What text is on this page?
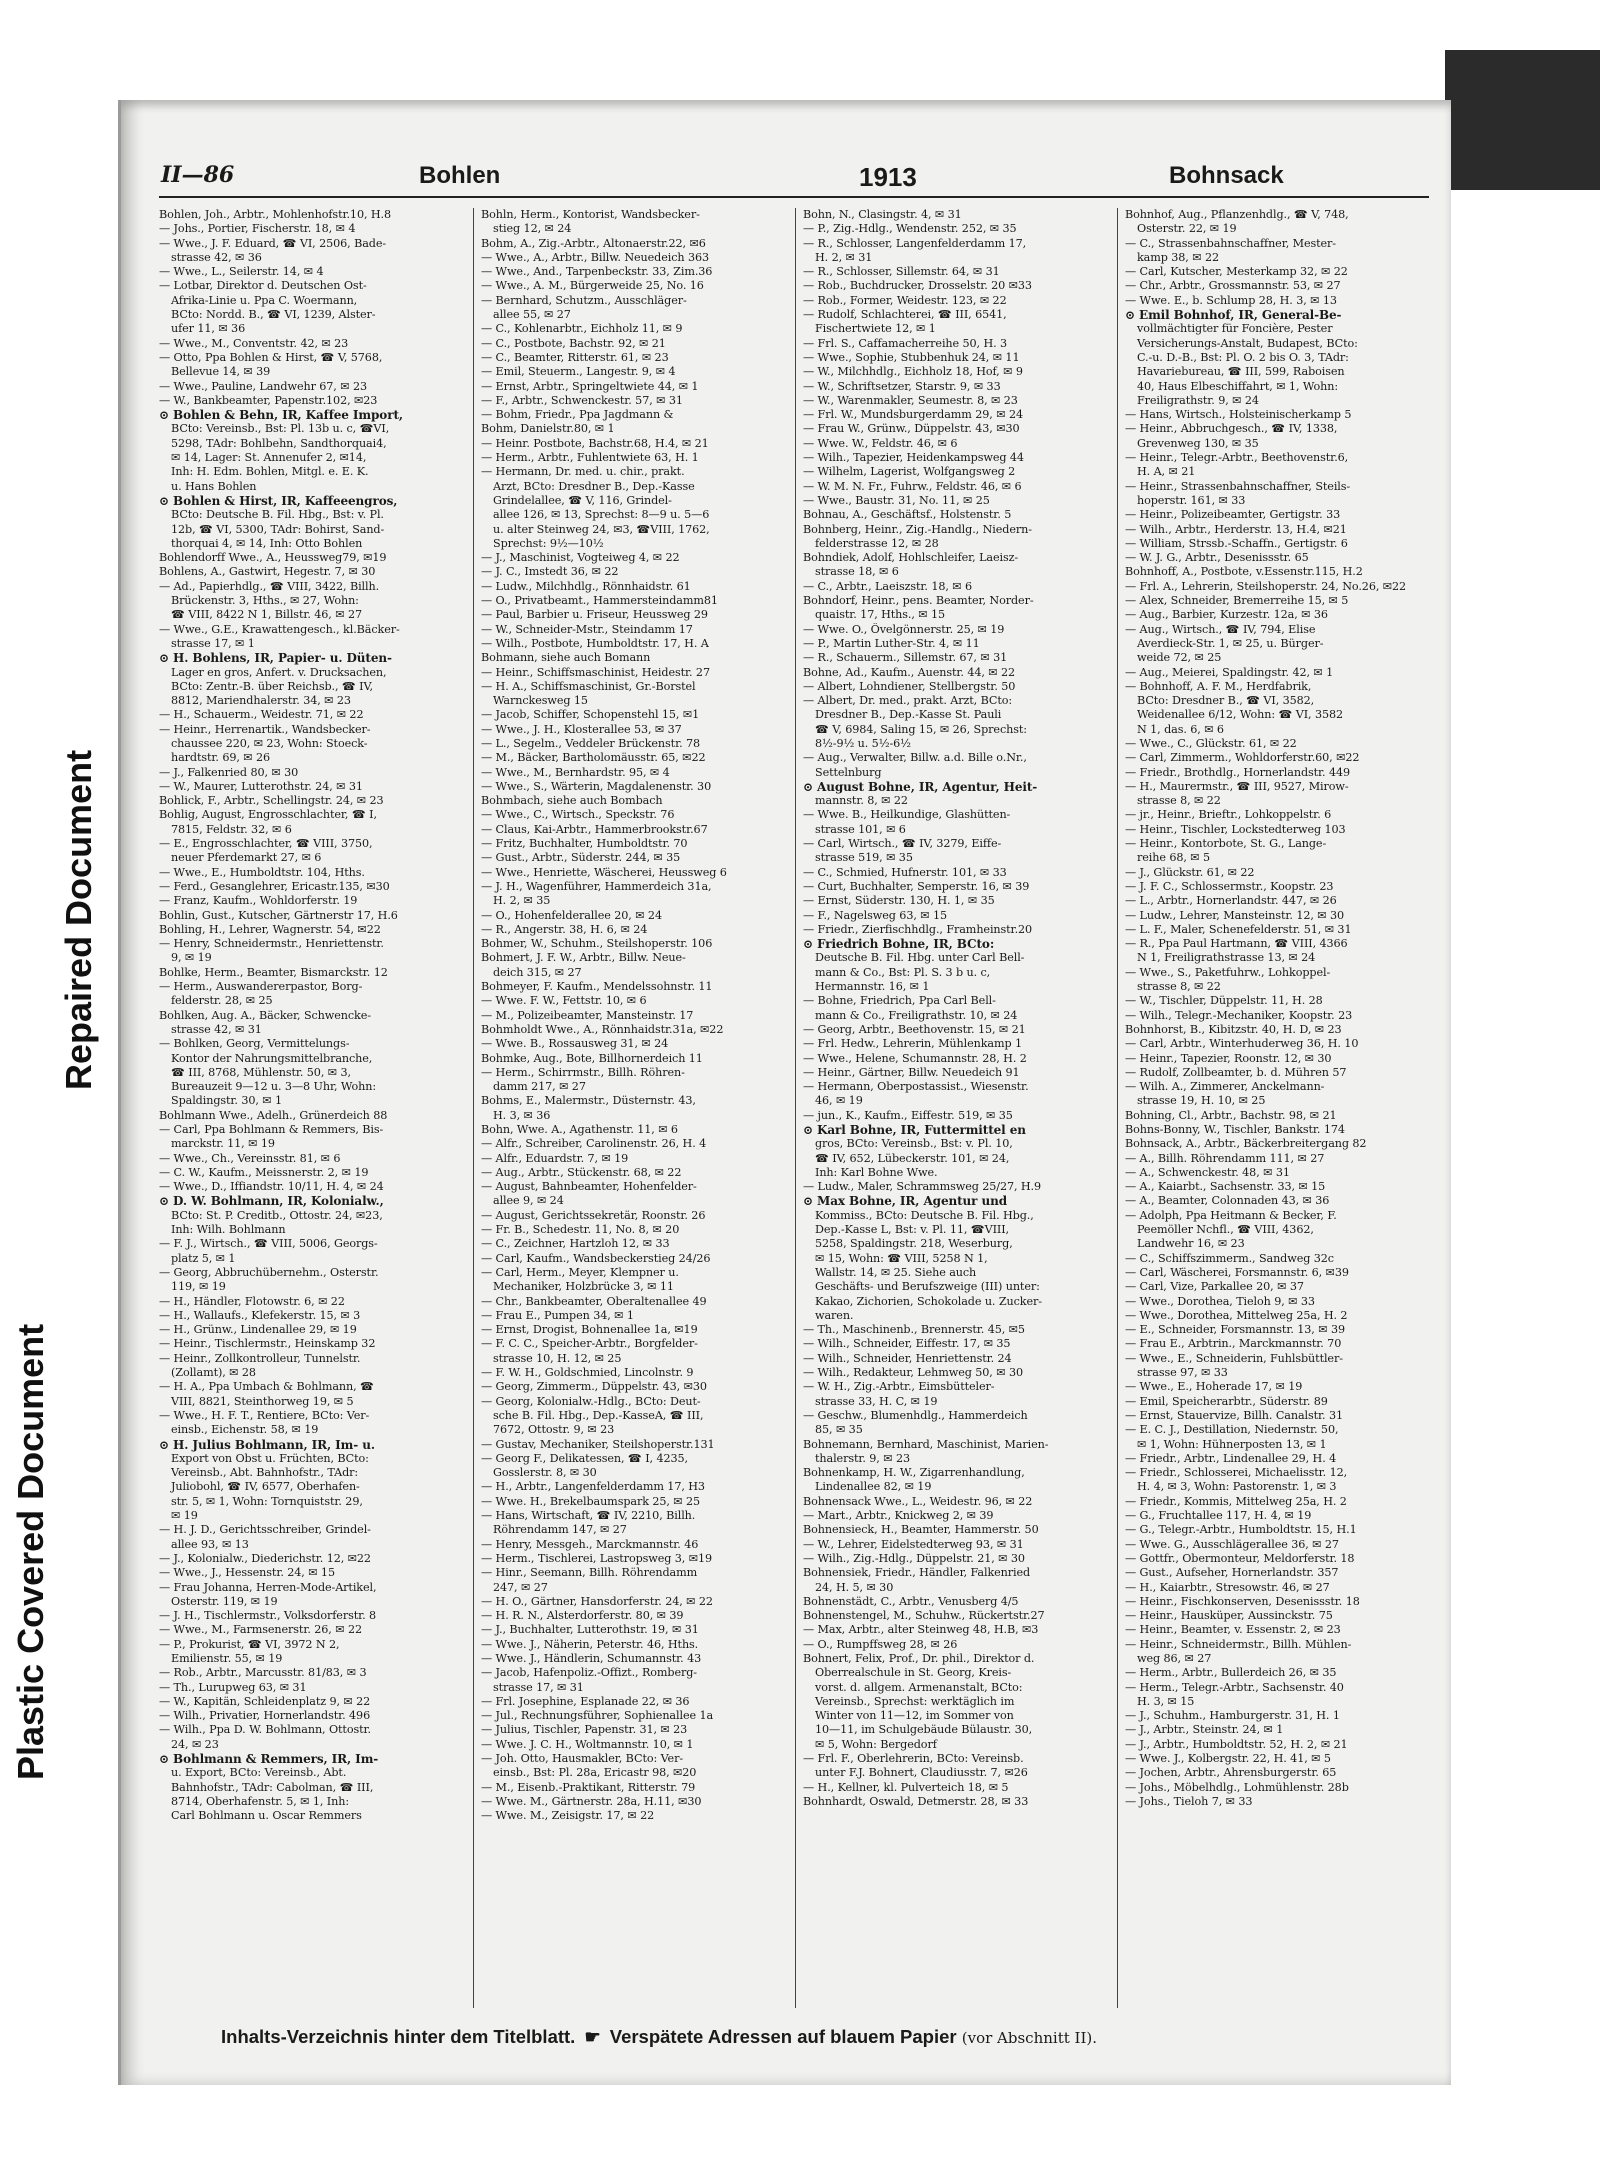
Plastic Covered Document
Repaired Document
II—86	Bohlen	1913	Bohnsack
Bohlen, Joh., Arbtr., Mohlenhofstr.10, H.8
— Johs., Portier, Fischerstr. 18, ✉ 4
— Wwe., J. F. Eduard, ☎ VI, 2506, Bade-
strasse 42, ✉ 36
— Wwe., L., Seilerstr. 14, ✉ 4
— Lotbar, Direktor d. Deutschen Ost-
Afrika-Linie u. Ppa C. Woermann,
BCto: Nordd. B., ☎ VI, 1239, Alster-
ufer 11, ✉ 36
— Wwe., M., Conventstr. 42, ✉ 23
— Otto, Ppa Bohlen & Hirst, ☎ V, 5768,
Bellevue 14, ✉ 39
— Wwe., Pauline, Landwehr 67, ✉ 23
— W., Bankbeamter, Papenstr.102, ✉23
⊙ Bohlen & Behn, IR, Kaffee Import,
BCto: Vereinsb., Bst: Pl. 13b u. c, ☎VI,
5298, TAdr: Bohlbehn, Sandthorquai4,
✉ 14, Lager: St. Annenufer 2, ✉14,
Inh: H. Edm. Bohlen, Mitgl. e. E. K.
u. Hans Bohlen
⊙ Bohlen & Hirst, IR, Kaffeeengros,
BCto: Deutsche B. Fil. Hbg., Bst: v. Pl.
12b, ☎ VI, 5300, TAdr: Bohirst, Sand-
thorquai 4, ✉ 14, Inh: Otto Bohlen
Bohlendorff Wwe., A., Heussweg79, ✉19
Bohlens, A., Gastwirt, Hegestr. 7, ✉ 30
— Ad., Papierhdlg., ☎ VIII, 3422, Billh.
Brückenstr. 3, Hths., ✉ 27, Wohn:
☎ VIII, 8422 N 1, Billstr. 46, ✉ 27
— Wwe., G.E., Krawattengesch., kl.Bäcker-
strasse 17, ✉ 1
⊙ H. Bohlens, IR, Papier- u. Düten-
Lager en gros, Anfert. v. Drucksachen,
BCto: Zentr.-B. über Reichsb., ☎ IV,
8812, Mariendhalerstr. 34, ✉ 23
— H., Schauerm., Weidestr. 71, ✉ 22
— Heinr., Herrenartik., Wandsbecker-
chaussee 220, ✉ 23, Wohn: Stoeck-
hardtstr. 69, ✉ 26
— J., Falkenried 80, ✉ 30
— W., Maurer, Lutterothstr. 24, ✉ 31
Bohlick, F., Arbtr., Schellingstr. 24, ✉ 23
Bohlig, August, Engrosschlachter, ☎ I,
7815, Feldstr. 32, ✉ 6
— E., Engrosschlachter, ☎ VIII, 3750,
neuer Pferdemarkt 27, ✉ 6
— Wwe., E., Humboldtstr. 104, Hths.
— Ferd., Gesanglehrer, Ericastr.135, ✉30
— Franz, Kaufm., Wohldorferstr. 19
Bohlin, Gust., Kutscher, Gärtnerstr 17, H.6
Bohling, H., Lehrer, Wagnerstr. 54, ✉22
— Henry, Schneidermstr., Henriettenstr.
9, ✉ 19
Bohlke, Herm., Beamter, Bismarckstr. 12
— Herm., Auswandererpastor, Borg-
felderstr. 28, ✉ 25
Bohlken, Aug. A., Bäcker, Schwencke-
strasse 42, ✉ 31
— Bohlken, Georg, Vermittelungs-
Kontor der Nahrungsmittelbranche,
☎ III, 8768, Mühlenstr. 50, ✉ 3,
Bureauzeit 9—12 u. 3—8 Uhr, Wohn:
Spaldingstr. 30, ✉ 1
Bohlmann Wwe., Adelh., Grünerdeich 88
— Carl, Ppa Bohlmann & Remmers, Bis-
marckstr. 11, ✉ 19
— Wwe., Ch., Vereinsstr. 81, ✉ 6
— C. W., Kaufm., Meissnerstr. 2, ✉ 19
— Wwe., D., Iffiandstr. 10/11, H. 4, ✉ 24
⊙ D. W. Bohlmann, IR, Kolonialw.,
BCto: St. P. Creditb., Ottostr. 24, ✉23,
Inh: Wilh. Bohlmann
— F. J., Wirtsch., ☎ VIII, 5006, Georgs-
platz 5, ✉ 1
— Georg, Abbruchübernehm., Osterstr.
119, ✉ 19
— H., Händler, Flotowstr. 6, ✉ 22
— H., Wallaufs., Klefekerstr. 15, ✉ 3
— H., Grünw., Lindenallee 29, ✉ 19
— Heinr., Tischlermstr., Heinskamp 32
— Heinr., Zollkontrolleur, Tunnelstr.
(Zollamt), ✉ 28
— H. A., Ppa Umbach & Bohlmann, ☎
VIII, 8821, Steinthorweg 19, ✉ 5
— Wwe., H. F. T., Rentiere, BCto: Ver-
einsb., Eichenstr. 58, ✉ 19
⊙ H. Julius Bohlmann, IR, Im- u.
Export von Obst u. Früchten, BCto:
Vereinsb., Abt. Bahnhofstr., TAdr:
Juliobohl, ☎ IV, 6577, Oberhafen-
str. 5, ✉ 1, Wohn: Tornquiststr. 29,
✉ 19
— H. J. D., Gerichtsschreiber, Grindel-
allee 93, ✉ 13
— J., Kolonialw., Diederichstr. 12, ✉22
— Wwe., J., Hessenstr. 24, ✉ 15
— Frau Johanna, Herren-Mode-Artikel,
Osterstr. 119, ✉ 19
— J. H., Tischlermstr., Volksdorferstr. 8
— Wwe., M., Farmsenerstr. 26, ✉ 22
— P., Prokurist, ☎ VI, 3972 N 2,
Emilienstr. 55, ✉ 19
— Rob., Arbtr., Marcusstr. 81/83, ✉ 3
— Th., Lurupweg 63, ✉ 31
— W., Kapitän, Schleidenplatz 9, ✉ 22
— Wilh., Privatier, Hornerlandstr. 496
— Wilh., Ppa D. W. Bohlmann, Ottostr.
24, ✉ 23
⊙ Bohlmann & Remmers, IR, Im-
u. Export, BCto: Vereinsb., Abt.
Bahnhofstr., TAdr: Cabolman, ☎ III,
8714, Oberhafenstr. 5, ✉ 1, Inh:
Carl Bohlmann u. Oscar Remmers
Bohln, Herm., Kontorist, Wandsbecker-
stieg 12, ✉ 24
Bohm, A., Zig.-Arbtr., Altonaerstr.22, ✉6
— Wwe., A., Arbtr., Billw. Neuedeich 363
— Wwe., And., Tarpenbeckstr. 33, Zim.36
— Wwe., A. M., Bürgerweide 25, No. 16
— Bernhard, Schutzm., Ausschläger-
allee 55, ✉ 27
— C., Kohlenarbtr., Eichholz 11, ✉ 9
— C., Postbote, Bachstr. 92, ✉ 21
— C., Beamter, Ritterstr. 61, ✉ 23
— Emil, Steuerm., Langestr. 9, ✉ 4
— Ernst, Arbtr., Springeltwiete 44, ✉ 1
— F., Arbtr., Schwenckestr. 57, ✉ 31
— Bohm, Friedr., Ppa Jagdmann &
Bohm, Danielstr.80, ✉ 1
— Heinr. Postbote, Bachstr.68, H.4, ✉ 21
— Herm., Arbtr., Fuhlentwiete 63, H. 1
— Hermann, Dr. med. u. chir., prakt.
Arzt, BCto: Dresdner B., Dep.-Kasse
Grindelallee, ☎ V, 116, Grindel-
allee 126, ✉ 13, Sprechst: 8—9 u. 5—6
u. alter Steinweg 24, ✉3, ☎VIII, 1762,
Sprechst: 9½—10½
— J., Maschinist, Vogteiweg 4, ✉ 22
— J. C., Imstedt 36, ✉ 22
— Ludw., Milchhdlg., Rönnhaidstr. 61
— O., Privatbeamt., Hammersteindamm81
— Paul, Barbier u. Friseur, Heussweg 29
— W., Schneider-Mstr., Steindamm 17
— Wilh., Postbote, Humboldtstr. 17, H. A
Bohmann, siehe auch Bomann
— Heinr., Schiffsmaschinist, Heidestr. 27
— H. A., Schiffsmaschinist, Gr.-Borstel
Warnckesweg 15
— Jacob, Schiffer, Schopenstehl 15, ✉1
— Wwe., J. H., Klosterallee 53, ✉ 37
— L., Segelm., Veddeler Brückenstr. 78
— M., Bäcker, Bartholomäusstr. 65, ✉22
— Wwe., M., Bernhardstr. 95, ✉ 4
— Wwe., S., Wärterin, Magdalenenstr. 30
Bohmbach, siehe auch Bombach
— Wwe., C., Wirtsch., Speckstr. 76
— Claus, Kai-Arbtr., Hammerbrookstr.67
— Fritz, Buchhalter, Humboldtstr. 70
— Gust., Arbtr., Süderstr. 244, ✉ 35
— Wwe., Henriette, Wäscherei, Heussweg 6
— J. H., Wagenführer, Hammerdeich 31a,
H. 2, ✉ 35
— O., Hohenfelderallee 20, ✉ 24
— R., Angerstr. 38, H. 6, ✉ 24
Bohmer, W., Schuhm., Steilshoperstr. 106
Bohmert, J. F. W., Arbtr., Billw. Neue-
deich 315, ✉ 27
Bohmeyer, F. Kaufm., Mendelssohnstr. 11
— Wwe. F. W., Fettstr. 10, ✉ 6
— M., Polizeibeamter, Mansteinstr. 17
Bohmholdt Wwe., A., Rönnhaidstr.31a, ✉22
— Wwe. B., Rossausweg 31, ✉ 24
Bohmke, Aug., Bote, Billhornerdeich 11
— Herm., Schirrmstr., Billh. Röhren-
damm 217, ✉ 27
Bohms, E., Malermstr., Düsternstr. 43,
H. 3, ✉ 36
Bohn, Wwe. A., Agathenstr. 11, ✉ 6
— Alfr., Schreiber, Carolinenstr. 26, H. 4
— Alfr., Eduardstr. 7, ✉ 19
— Aug., Arbtr., Stückenstr. 68, ✉ 22
— August, Bahnbeamter, Hohenfelder-
allee 9, ✉ 24
— August, Gerichtssekretär, Roonstr. 26
— Fr. B., Schedestr. 11, No. 8, ✉ 20
— C., Zeichner, Hartzloh 12, ✉ 33
— Carl, Kaufm., Wandsbeckerstieg 24/26
— Carl, Herm., Meyer, Klempner u.
Mechaniker, Holzbrücke 3, ✉ 11
— Chr., Bankbeamter, Oberaltenallee 49
— Frau E., Pumpen 34, ✉ 1
— Ernst, Drogist, Bohnenallee 1a, ✉19
— F. C. C., Speicher-Arbtr., Borgfelder-
strasse 10, H. 12, ✉ 25
— F. W. H., Goldschmied, Lincolnstr. 9
— Georg, Zimmerm., Düppelstr. 43, ✉30
— Georg, Kolonialw.-Hdlg., BCto: Deut-
sche B. Fil. Hbg., Dep.-KasseA, ☎ III,
7672, Ottostr. 9, ✉ 23
— Gustav, Mechaniker, Steilshoperstr.131
— Georg F., Delikatessen, ☎ I, 4235,
Gosslerstr. 8, ✉ 30
— H., Arbtr., Langenfelderdamm 17, H3
— Wwe. H., Brekelbaumspark 25, ✉ 25
— Hans, Wirtschaft, ☎ IV, 2210, Billh.
Röhrendamm 147, ✉ 27
— Henry, Messgeh., Marckmannstr. 46
— Herm., Tischlerei, Lastropsweg 3, ✉19
— Hinr., Seemann, Billh. Röhrendamm
247, ✉ 27
— H. O., Gärtner, Hansdorferstr. 24, ✉ 22
— H. R. N., Alsterdorferstr. 80, ✉ 39
— J., Buchhalter, Lutterothstr. 19, ✉ 31
— Wwe. J., Näherin, Peterstr. 46, Hths.
— Wwe. J., Händlerin, Schumannstr. 43
— Jacob, Hafenpoliz.-Offizt., Romberg-
strasse 17, ✉ 31
— Frl. Josephine, Esplanade 22, ✉ 36
— Jul., Rechnungsführer, Sophienallee 1a
— Julius, Tischler, Papenstr. 31, ✉ 23
— Wwe. J. C. H., Woltmannstr. 10, ✉ 1
— Joh. Otto, Hausmakler, BCto: Ver-
einsb., Bst: Pl. 28a, Ericastr 98, ✉20
— M., Eisenb.-Praktikant, Ritterstr. 79
— Wwe. M., Gärtnerstr. 28a, H.11, ✉30
— Wwe. M., Zeisigstr. 17, ✉ 22
Bohn, N., Clasingstr. 4, ✉ 31
— P., Zig.-Hdlg., Wendenstr. 252, ✉ 35
— R., Schlosser, Langenfelderdamm 17,
H. 2, ✉ 31
— R., Schlosser, Sillemstr. 64, ✉ 31
— Rob., Buchdrucker, Drosselstr. 20 ✉33
— Rob., Former, Weidestr. 123, ✉ 22
— Rudolf, Schlachterei, ☎ III, 6541,
Fischertwiete 12, ✉ 1
— Frl. S., Caffamacherreihe 50, H. 3
— Wwe., Sophie, Stubbenhuk 24, ✉ 11
— W., Milchhdlg., Eichholz 18, Hof, ✉ 9
— W., Schriftsetzer, Starstr. 9, ✉ 33
— W., Warenmakler, Seumestr. 8, ✉ 23
— Frl. W., Mundsburgerdamm 29, ✉ 24
— Frau W., Grünw., Düppelstr. 43, ✉30
— Wwe. W., Feldstr. 46, ✉ 6
— Wilh., Tapezier, Heidenkampsweg 44
— Wilhelm, Lagerist, Wolfgangsweg 2
— W. M. N. Fr., Fuhrw., Feldstr. 46, ✉ 6
— Wwe., Baustr. 31, No. 11, ✉ 25
Bohnau, A., Geschäftsf., Holstenstr. 5
Bohnberg, Heinr., Zig.-Handlg., Niedern-
felderstrasse 12, ✉ 28
Bohndiek, Adolf, Hohlschleifer, Laeisz-
strasse 18, ✉ 6
— C., Arbtr., Laeiszstr. 18, ✉ 6
Bohndorf, Heinr., pens. Beamter, Norder-
quaistr. 17, Hths., ✉ 15
— Wwe. O., Övelgönnerstr. 25, ✉ 19
— P., Martin Luther-Str. 4, ✉ 11
— R., Schauerm., Sillemstr. 67, ✉ 31
Bohne, Ad., Kaufm., Auenstr. 44, ✉ 22
— Albert, Lohndiener, Stellbergstr. 50
— Albert, Dr. med., prakt. Arzt, BCto:
Dresdner B., Dep.-Kasse St. Pauli
☎ V, 6984, Saling 15, ✉ 26, Sprechst:
8½-9½ u. 5½-6½
— Aug., Verwalter, Billw. a.d. Bille o.Nr.,
Settelnburg
⊙ August Bohne, IR, Agentur, Heit-
mannstr. 8, ✉ 22
— Wwe. B., Heilkundige, Glashütten-
strasse 101, ✉ 6
— Carl, Wirtsch., ☎ IV, 3279, Eiffe-
strasse 519, ✉ 35
— C., Schmied, Hufnerstr. 101, ✉ 33
— Curt, Buchhalter, Semperstr. 16, ✉ 39
— Ernst, Süderstr. 130, H. 1, ✉ 35
— F., Nagelsweg 63, ✉ 15
— Friedr., Zierfischhdlg., Framheinstr.20
⊙ Friedrich Bohne, IR, BCto:
Deutsche B. Fil. Hbg. unter Carl Bell-
mann & Co., Bst: Pl. S. 3 b u. c,
Hermannstr. 16, ✉ 1
— Bohne, Friedrich, Ppa Carl Bell-
mann & Co., Freiligrathstr. 10, ✉ 24
— Georg, Arbtr., Beethovenstr. 15, ✉ 21
— Frl. Hedw., Lehrerin, Mühlenkamp 1
— Wwe., Helene, Schumannstr. 28, H. 2
— Heinr., Gärtner, Billw. Neuedeich 91
— Hermann, Oberpostassist., Wiesenstr.
46, ✉ 19
— jun., K., Kaufm., Eiffestr. 519, ✉ 35
⊙ Karl Bohne, IR, Futtermittel en
gros, BCto: Vereinsb., Bst: v. Pl. 10,
☎ IV, 652, Lübeckerstr. 101, ✉ 24,
Inh: Karl Bohne Wwe.
— Ludw., Maler, Schrammsweg 25/27, H.9
⊙ Max Bohne, IR, Agentur und
Kommiss., BCto: Deutsche B. Fil. Hbg.,
Dep.-Kasse L, Bst: v. Pl. 11, ☎VIII,
5258, Spaldingstr. 218, Weserburg,
✉ 15, Wohn: ☎ VIII, 5258 N 1,
Wallstr. 14, ✉ 25. Siehe auch
Geschäfts- und Berufszweige (III) unter:
Kakao, Zichorien, Schokolade u. Zucker-
waren.
— Th., Maschinenb., Brennerstr. 45, ✉5
— Wilh., Schneider, Eiffestr. 17, ✉ 35
— Wilh., Schneider, Henriettenstr. 24
— Wilh., Redakteur, Lehmweg 50, ✉ 30
— W. H., Zig.-Arbtr., Eimsbütteler-
strasse 33, H. C, ✉ 19
— Geschw., Blumenhdlg., Hammerdeich
85, ✉ 35
Bohnemann, Bernhard, Maschinist, Marien-
thalerstr. 9, ✉ 23
Bohnenkamp, H. W., Zigarrenhandlung,
Lindenallee 82, ✉ 19
Bohnensack Wwe., L., Weidestr. 96, ✉ 22
— Mart., Arbtr., Knickweg 2, ✉ 39
Bohnensieck, H., Beamter, Hammerstr. 50
— W., Lehrer, Eidelstedterweg 93, ✉ 31
— Wilh., Zig.-Hdlg., Düppelstr. 21, ✉ 30
Bohnensiek, Friedr., Händler, Falkenried
24, H. 5, ✉ 30
Bohnenstädt, C., Arbtr., Venusberg 4/5
Bohnenstengel, M., Schuhw., Rückertstr.27
— Max, Arbtr., alter Steinweg 48, H.B, ✉3
— O., Rumpffsweg 28, ✉ 26
Bohnert, Felix, Prof., Dr. phil., Direktor d.
Oberrealschule in St. Georg, Kreis-
vorst. d. allgem. Armenanstalt, BCto:
Vereinsb., Sprechst: werktäglich im
Winter von 11—12, im Sommer von
10—11, im Schulgebäude Bülaustr. 30,
✉ 5, Wohn: Bergedorf
— Frl. F., Oberlehrerin, BCto: Vereinsb.
unter F.J. Bohnert, Claudiusstr. 7, ✉26
— H., Kellner, kl. Pulverteich 18, ✉ 5
Bohnhardt, Oswald, Detmerstr. 28, ✉ 33
Bohnhof, Aug., Pflanzenhdlg., ☎ V, 748,
Osterstr. 22, ✉ 19
— C., Strassenbahnschaffner, Mester-
kamp 38, ✉ 22
— Carl, Kutscher, Mesterkamp 32, ✉ 22
— Chr., Arbtr., Grossmannstr. 53, ✉ 27
— Wwe. E., b. Schlump 28, H. 3, ✉ 13
⊙ Emil Bohnhof, IR, General-Be-
vollmächtigter für Foncière, Pester
Versicherungs-Anstalt, Budapest, BCto:
C.-u. D.-B., Bst: Pl. O. 2 bis O. 3, TAdr:
Havariebureau, ☎ III, 599, Raboisen
40, Haus Elbeschiffahrt, ✉ 1, Wohn:
Freiligrathstr. 9, ✉ 24
— Hans, Wirtsch., Holsteinischerkamp 5
— Heinr., Abbruchgesch., ☎ IV, 1338,
Grevenweg 130, ✉ 35
— Heinr., Telegr.-Arbtr., Beethovenstr.6,
H. A, ✉ 21
— Heinr., Strassenbahnschaffner, Steils-
hoperstr. 161, ✉ 33
— Heinr., Polizeibeamter, Gertigstr. 33
— Wilh., Arbtr., Herderstr. 13, H.4, ✉21
— William, Strssb.-Schaffn., Gertigstr. 6
— W. J. G., Arbtr., Desenissstr. 65
Bohnhoff, A., Postbote, v.Essenstr.115, H.2
— Frl. A., Lehrerin, Steilshoperstr. 24, No.26, ✉22
— Alex, Schneider, Bremerreihe 15, ✉ 5
— Aug., Barbier, Kurzestr. 12a, ✉ 36
— Aug., Wirtsch., ☎ IV, 794, Elise
Averdieck-Str. 1, ✉ 25, u. Bürger-
weide 72, ✉ 25
— Aug., Meierei, Spaldingstr. 42, ✉ 1
— Bohnhoff, A. F. M., Herdfabrik,
BCto: Dresdner B., ☎ VI, 3582,
Weidenallee 6/12, Wohn: ☎ VI, 3582
N 1, das. 6, ✉ 6
— Wwe., C., Glückstr. 61, ✉ 22
— Carl, Zimmerm., Wohldorferstr.60, ✉22
— Friedr., Brothdlg., Hornerlandstr. 449
— H., Maurermstr., ☎ III, 9527, Mirow-
strasse 8, ✉ 22
— jr., Heinr., Brieftr., Lohkoppelstr. 6
— Heinr., Tischler, Lockstedterweg 103
— Heinr., Kontorbote, St. G., Lange-
reihe 68, ✉ 5
— J., Glückstr. 61, ✉ 22
— J. F. C., Schlossermstr., Koopstr. 23
— L., Arbtr., Hornerlandstr. 447, ✉ 26
— Ludw., Lehrer, Mansteinstr. 12, ✉ 30
— L. F., Maler, Schenefelderstr. 51, ✉ 31
— R., Ppa Paul Hartmann, ☎ VIII, 4366
N 1, Freiligrathstrasse 13, ✉ 24
— Wwe., S., Paketfuhrw., Lohkoppel-
strasse 8, ✉ 22
— W., Tischler, Düppelstr. 11, H. 28
— Wilh., Telegr.-Mechaniker, Koopstr. 23
Bohnhorst, B., Kibitzstr. 40, H. D, ✉ 23
— Carl, Arbtr., Winterhuderweg 36, H. 10
— Heinr., Tapezier, Roonstr. 12, ✉ 30
— Rudolf, Zollbeamter, b. d. Mühren 57
— Wilh. A., Zimmerer, Anckelmann-
strasse 19, H. 10, ✉ 25
Bohning, Cl., Arbtr., Bachstr. 98, ✉ 21
Bohns-Bonny, W., Tischler, Bankstr. 174
Bohnsack, A., Arbtr., Bäckerbreitergang 82
— A., Billh. Röhrendamm 111, ✉ 27
— A., Schwenckestr. 48, ✉ 31
— A., Kaiarbt., Sachsenstr. 33, ✉ 15
— A., Beamter, Colonnaden 43, ✉ 36
— Adolph, Ppa Heitmann & Becker, F.
Peemöller Nchfl., ☎ VIII, 4362,
Landwehr 16, ✉ 23
— C., Schiffszimmerm., Sandweg 32c
— Carl, Wäscherei, Forsmannstr. 6, ✉39
— Carl, Vize, Parkallee 20, ✉ 37
— Wwe., Dorothea, Tieloh 9, ✉ 33
— Wwe., Dorothea, Mittelweg 25a, H. 2
— E., Schneider, Forsmannstr. 13, ✉ 39
— Frau E., Arbtrin., Marckmannstr. 70
— Wwe., E., Schneiderin, Fuhlsbüttler-
strasse 97, ✉ 33
— Wwe., E., Hoherade 17, ✉ 19
— Emil, Speicherarbtr., Süderstr. 89
— Ernst, Stauervize, Billh. Canalstr. 31
— E. C. J., Destillation, Niedernstr. 50,
✉ 1, Wohn: Hühnerposten 13, ✉ 1
— Friedr., Arbtr., Lindenallee 29, H. 4
— Friedr., Schlosserei, Michaelisstr. 12,
H. 4, ✉ 3, Wohn: Pastorenstr. 1, ✉ 3
— Friedr., Kommis, Mittelweg 25a, H. 2
— G., Fruchtallee 117, H. 4, ✉ 19
— G., Telegr.-Arbtr., Humboldtstr. 15, H.1
— Wwe. G., Ausschlägerallee 36, ✉ 27
— Gottfr., Obermonteur, Meldorferstr. 18
— Gust., Aufseher, Hornerlandstr. 357
— H., Kaiarbtr., Stresowstr. 46, ✉ 27
— Heinr., Fischkonserven, Desenissstr. 18
— Heinr., Hausküper, Aussinckstr. 75
— Heinr., Beamter, v. Essenstr. 2, ✉ 23
— Heinr., Schneidermstr., Billh. Mühlen-
weg 86, ✉ 27
— Herm., Arbtr., Bullerdeich 26, ✉ 35
— Herm., Telegr.-Arbtr., Sachsenstr. 40
H. 3, ✉ 15
— J., Schuhm., Hamburgerstr. 31, H. 1
— J., Arbtr., Steinstr. 24, ✉ 1
— J., Arbtr., Humboldtstr. 52, H. 2, ✉ 21
— Wwe. J., Kolbergstr. 22, H. 41, ✉ 5
— Jochen, Arbtr., Ahrensburgerstr. 65
— Johs., Möbelhdlg., Lohmühlenstr. 28b
— Johs., Tieloh 7, ✉ 33
Inhalts-Verzeichnis hinter dem Titelblatt. ☛ Verspätete Adressen auf blauem Papier (vor Abschnitt II).
